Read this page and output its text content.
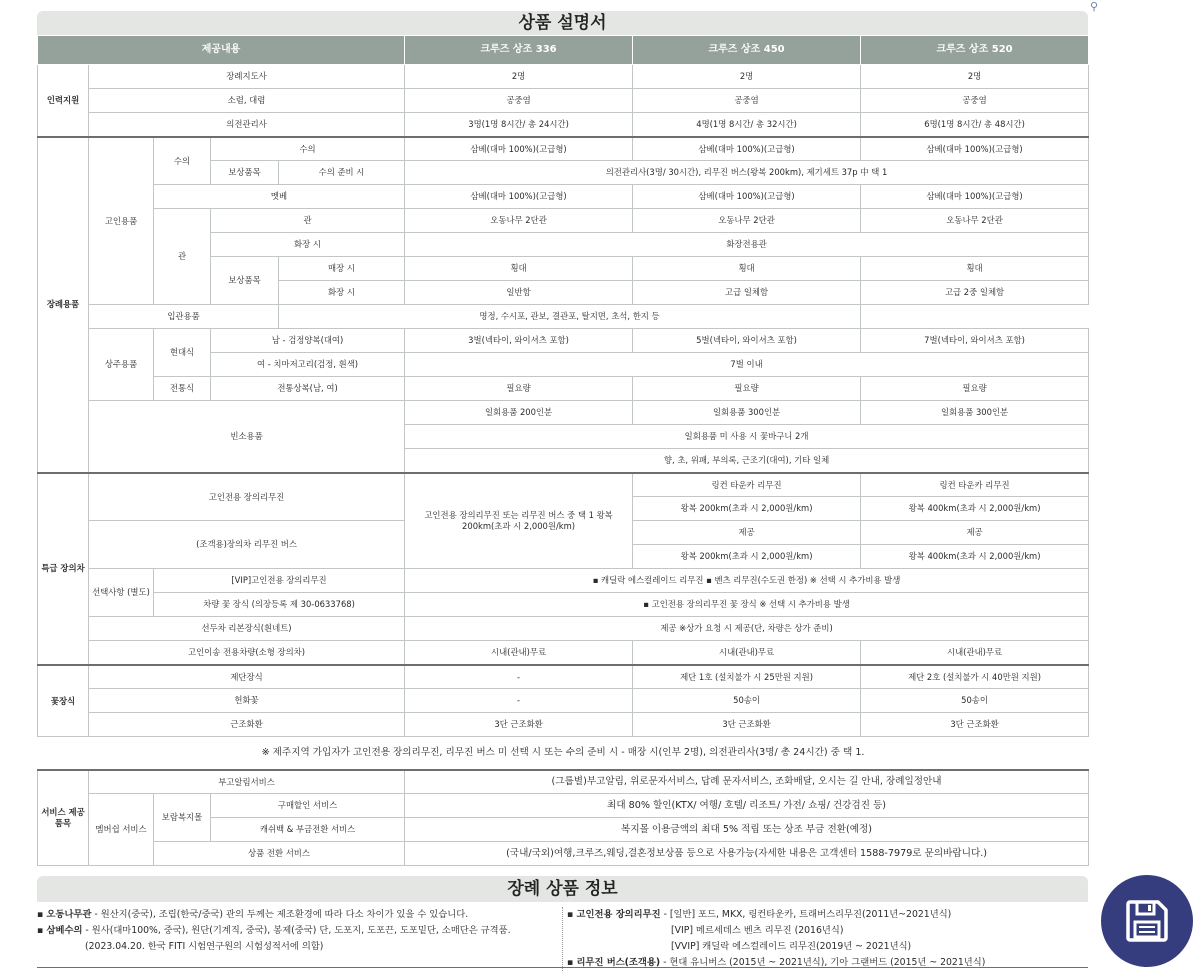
상품 설명서
⚲
제공내용					크루즈 상조 336	크루즈 상조 450	크루즈 상조 520
인력지원	장례지도사				2명	2명	2명
	소렴, 대렴				공중염	공중염	공중염
	의전관리사				3명(1명 8시간/ 총 24시간)	4명(1명 8시간/ 총 32시간)	6명(1명 8시간/ 총 48시간)
장례용품	고인용품	수의	수의		삼베(대마 100%)(고급형)	삼베(대마 100%)(고급형)	삼베(대마 100%)(고급형)
			보상품목	수의 준비 시	의전관리사(3명/ 30시간), 리무진 버스(왕복 200km), 제기세트 37p 中 택 1		
		멧베			삼베(대마 100%)(고급형)	삼베(대마 100%)(고급형)	삼베(대마 100%)(고급형)
		관	관		오동나무 2단관	오동나무 2단관	오동나무 2단관
			화장 시		화장전용관		
			보상품목	매장 시	횡대	횡대	횡대
				화장 시	일반함	고급 일체함	고급 2중 일체함
	입관용품			명정, 수시포, 관보, 결관포, 탈지면, 초석, 한지 등			
	상주용품	현대식	남 - 검정양복(대여)		3벌(넥타이, 와이셔츠 포함)	5벌(넥타이, 와이셔츠 포함)	7벌(넥타이, 와이셔츠 포함)
			여 - 치마저고리(검정, 흰색)		7벌 이내		
		전통식	전통상복(남, 여)		필요량	필요량	필요량
	빈소용품				일회용품 200인분	일회용품 300인분	일회용품 300인분
					일회용품 미 사용 시 꽃바구니 2개		
					향, 초, 위패, 부의록, 근조기(대여), 기타 일체		
특급 장의차	고인전용 장의리무진				고인전용 장의리무진 또는 리무진 버스 중 택 1 왕복 200km(초과 시 2,000원/km)	링컨 타운카 리무진	링컨 타운카 리무진
						왕복 200km(초과 시 2,000원/km)	왕복 400km(초과 시 2,000원/km)
	(조객용)장의차 리무진 버스					제공	제공
						왕복 200km(초과 시 2,000원/km)	왕복 400km(초과 시 2,000원/km)
	선택사항 (별도)	[VIP]고인전용 장의리무진			▪ 캐딜락 에스컬레이드 리무진 ▪ 벤츠 리무진(수도권 한정) ※ 선택 시 추가비용 발생		
		차량 꽃 장식 (의장등록 제 30-0633768)			▪ 고인전용 장의리무진 꽃 장식 ※ 선택 시 추가비용 발생		
	선두차 리본장식(흰네트)				제공 ※상가 요청 시 제공(단, 차량은 상가 준비)		
	고인이송 전용차량(소형 장의차)				시내(관내)무료	시내(관내)무료	시내(관내)무료
꽃장식	제단장식				-	제단 1호 (설치불가 시 25만원 지원)	제단 2호 (설치불가 시 40만원 지원)
	헌화꽃				-	50송이	50송이
	근조화환				3단 근조화환	3단 근조화환	3단 근조화환
※ 제주지역 가입자가 고인전용 장의리무진, 리무진 버스 미 선택 시 또는 수의 준비 시 - 매장 시(인부 2명), 의전관리사(3명/ 총 24시간) 중 택 1.							
서비스 제공품목	부고알림서비스				(그룹별)부고알림, 위로문자서비스, 답례 문자서비스, 조화배달, 오시는 길 안내, 장례일정안내		
	멤버쉽 서비스	보람복지몰	구매할인 서비스		최대 80% 할인(KTX/ 여행/ 호텔/ 리조트/ 가전/ 쇼핑/ 건강검진 등)		
			캐쉬백 & 부금전환 서비스		복지몰 이용금액의 최대 5% 적립 또는 상조 부금 전환(예정)		
		상품 전환 서비스			(국내/국외)여행,크루즈,웨딩,결혼정보상품 등으로 사용가능(자세한 내용은 고객센터 1588-7979로 문의바랍니다.)		
장례 상품 정보
▪ 오동나무관 - 원산지(중국), 조립(한국/중국) 관의 두께는 제조환경에 따라 다소 차이가 있을 수 있습니다.
▪ 삼베수의 - 원사(대마100%, 중국), 원단(기계직, 중국), 봉제(중국) 단, 도포지, 도포끈, 도포밑단, 소매단은 규격품.
(2023.04.20. 한국 FITI 시험연구원의 시험성적서에 의함)
▪ 고인전용 장의리무진 - [일반] 포드, MKX, 링컨타운카, 트래버스리무진(2011년~2021년식)
[VIP] 메르세데스 벤츠 리무진 (2016년식)
[VVIP] 캐딜락 에스컬레이드 리무진(2019년 ~ 2021년식)
▪ 리무진 버스(조객용) - 현대 유니버스 (2015년 ~ 2021년식), 기아 그랜버드 (2015년 ~ 2021년식)
